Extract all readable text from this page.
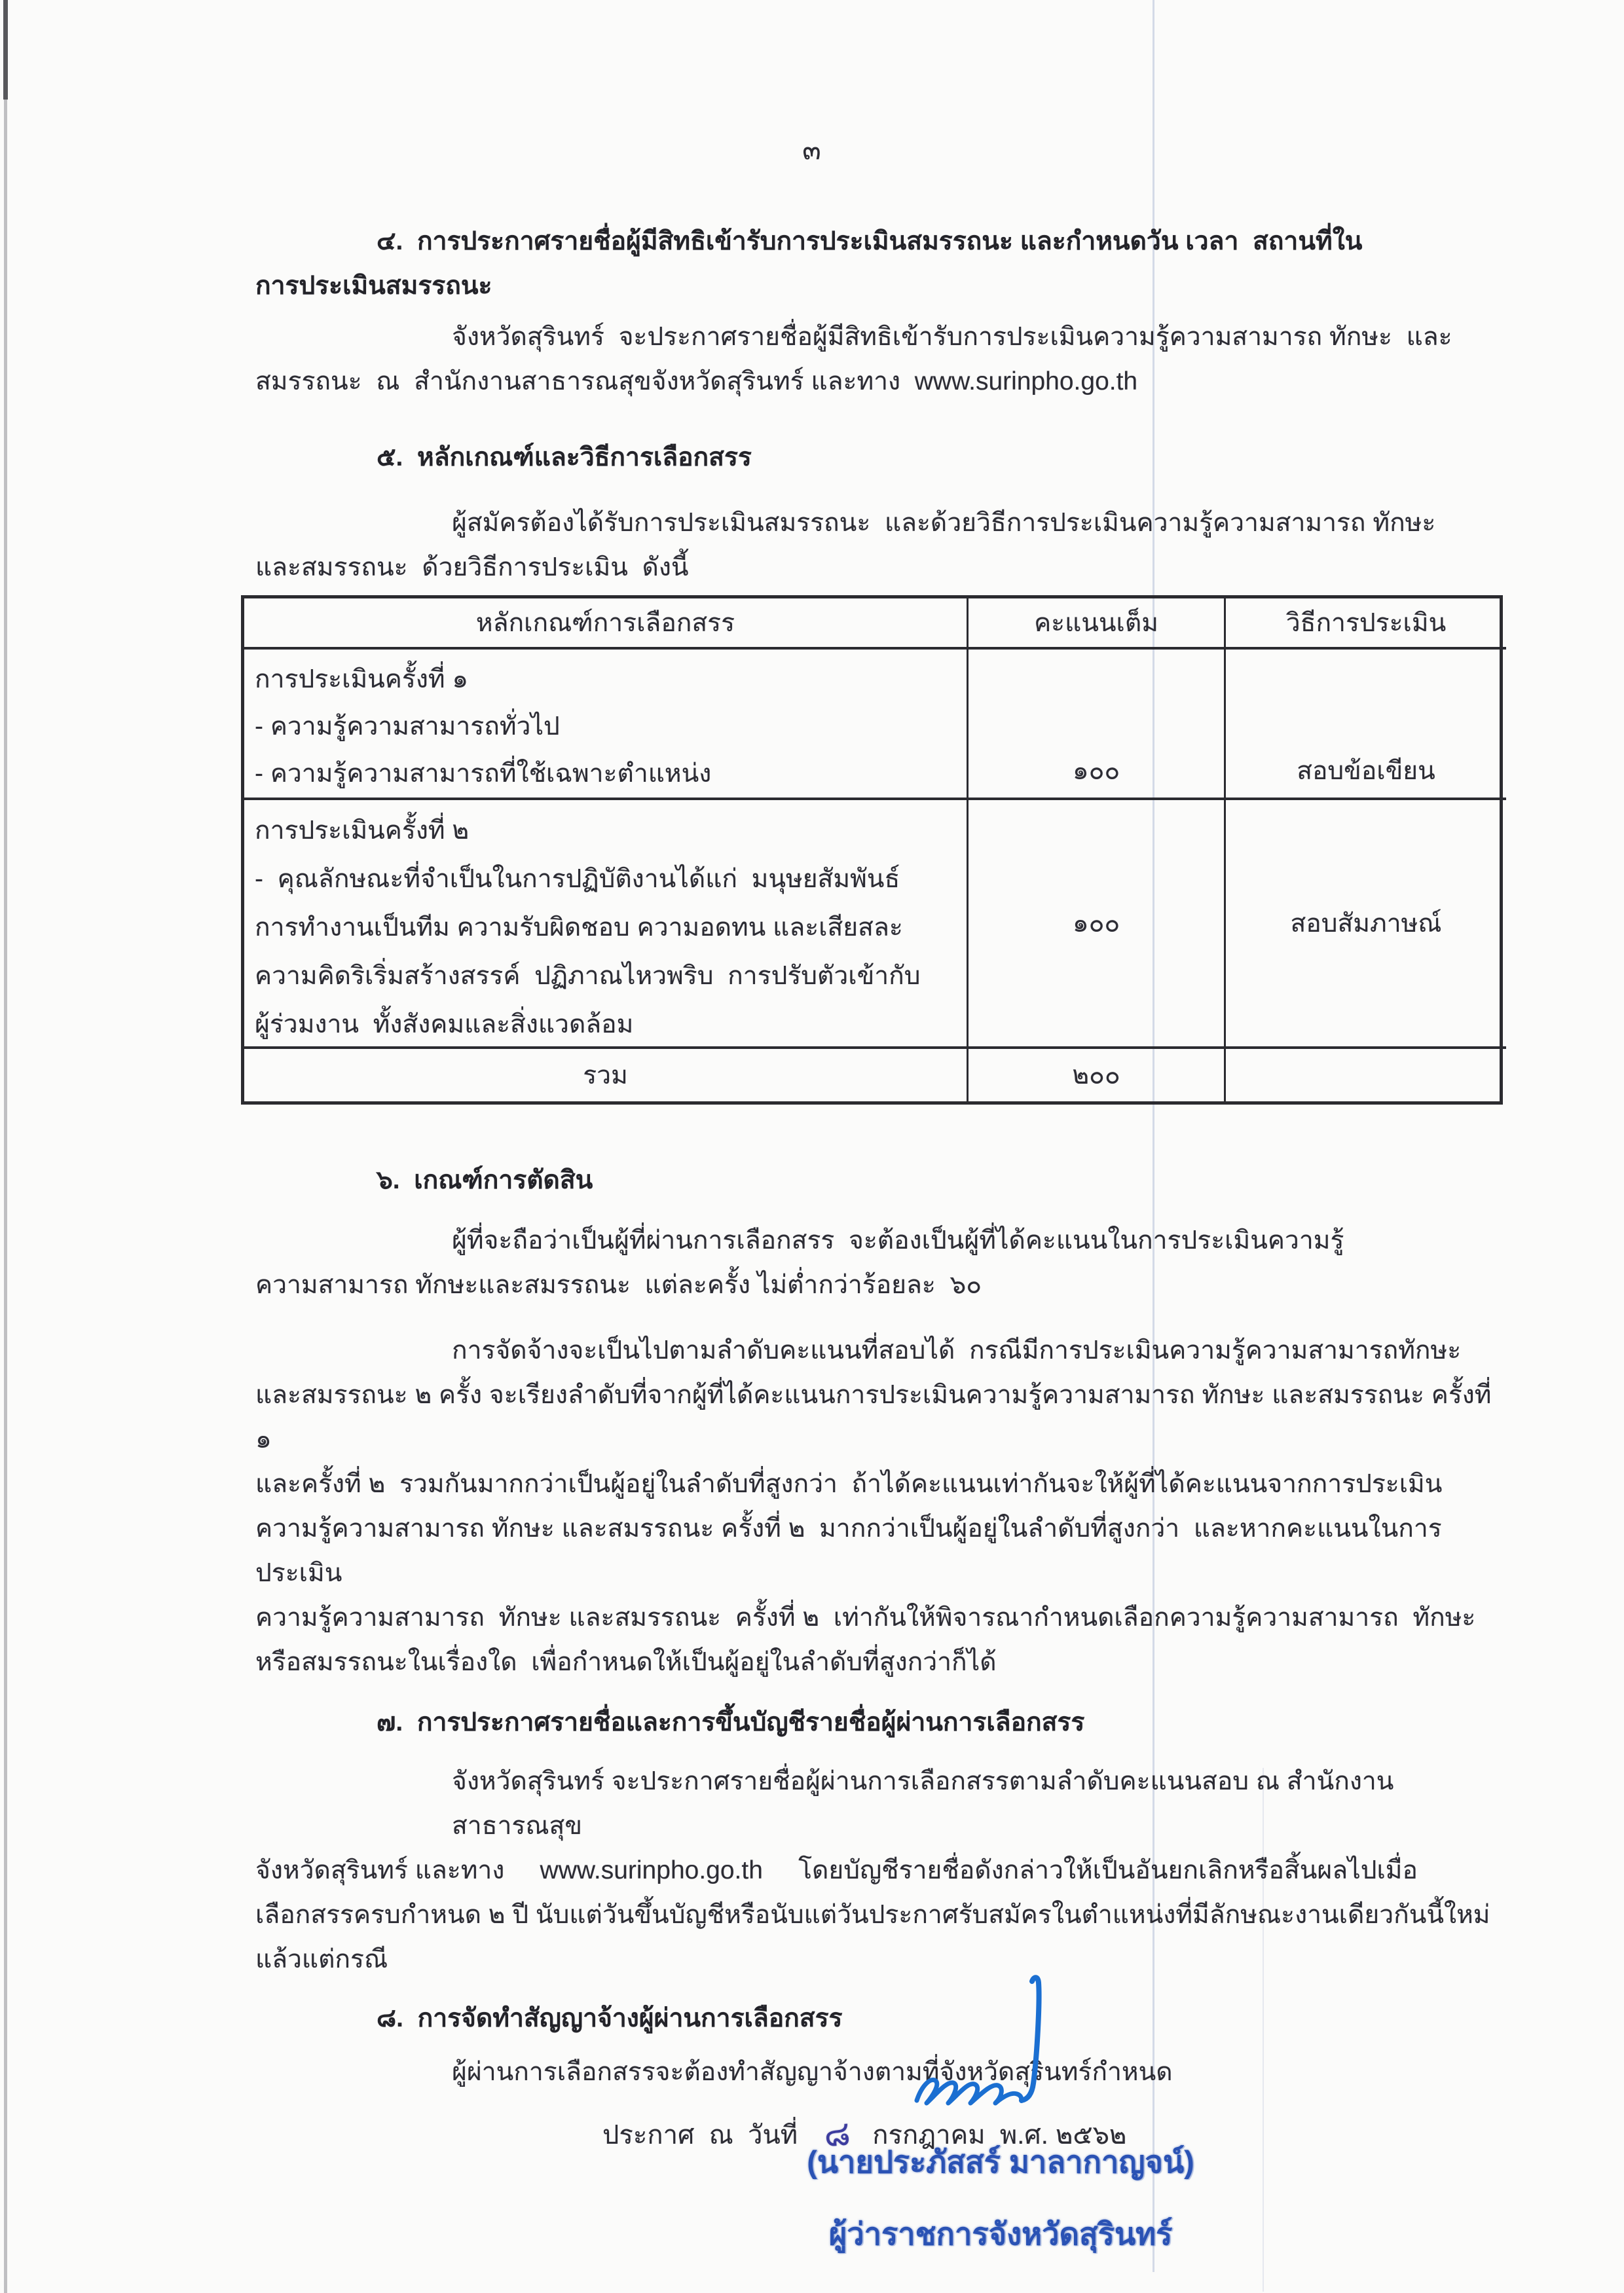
๓
๔.  การประกาศรายชื่อผู้มีสิทธิเข้ารับการประเมินสมรรถนะ และกำหนดวัน เวลา  สถานที่ใน
การประเมินสมรรถนะ
จังหวัดสุรินทร์  จะประกาศรายชื่อผู้มีสิทธิเข้ารับการประเมินความรู้ความสามารถ ทักษะ  และ
สมรรถนะ  ณ  สำนักงานสาธารณสุขจังหวัดสุรินทร์ และทาง  www.surinpho.go.th
๕.  หลักเกณฑ์และวิธีการเลือกสรร
ผู้สมัครต้องได้รับการประเมินสมรรถนะ  และด้วยวิธีการประเมินความรู้ความสามารถ ทักษะ
และสมรรถนะ  ด้วยวิธีการประเมิน  ดังนี้
หลักเกณฑ์การเลือกสรร	คะแนนเต็ม	วิธีการประเมิน
การประเมินครั้งที่ ๑
- ความรู้ความสามารถทั่วไป
- ความรู้ความสามารถที่ใช้เฉพาะตำแหน่ง	๑๐๐	สอบข้อเขียน
การประเมินครั้งที่ ๒
-  คุณลักษณะที่จำเป็นในการปฏิบัติงานได้แก่  มนุษยสัมพันธ์
การทำงานเป็นทีม ความรับผิดชอบ ความอดทน และเสียสละ
ความคิดริเริ่มสร้างสรรค์  ปฏิภาณไหวพริบ  การปรับตัวเข้ากับ
ผู้ร่วมงาน  ทั้งสังคมและสิ่งแวดล้อม
๑๐๐	สอบสัมภาษณ์
รวม	๒๐๐
๖.  เกณฑ์การตัดสิน
ผู้ที่จะถือว่าเป็นผู้ที่ผ่านการเลือกสรร  จะต้องเป็นผู้ที่ได้คะแนนในการประเมินความรู้
ความสามารถ ทักษะและสมรรถนะ  แต่ละครั้ง ไม่ต่ำกว่าร้อยละ  ๖๐
การจัดจ้างจะเป็นไปตามลำดับคะแนนที่สอบได้  กรณีมีการประเมินความรู้ความสามารถทักษะ
และสมรรถนะ ๒ ครั้ง จะเรียงลำดับที่จากผู้ที่ได้คะแนนการประเมินความรู้ความสามารถ ทักษะ และสมรรถนะ ครั้งที่ ๑
และครั้งที่ ๒  รวมกันมากกว่าเป็นผู้อยู่ในลำดับที่สูงกว่า  ถ้าได้คะแนนเท่ากันจะให้ผู้ที่ได้คะแนนจากการประเมิน
ความรู้ความสามารถ ทักษะ และสมรรถนะ ครั้งที่ ๒  มากกว่าเป็นผู้อยู่ในลำดับที่สูงกว่า  และหากคะแนนในการประเมิน
ความรู้ความสามารถ  ทักษะ และสมรรถนะ  ครั้งที่ ๒  เท่ากันให้พิจารณากำหนดเลือกความรู้ความสามารถ  ทักษะ
หรือสมรรถนะในเรื่องใด  เพื่อกำหนดให้เป็นผู้อยู่ในลำดับที่สูงกว่าก็ได้
๗.  การประกาศรายชื่อและการขึ้นบัญชีรายชื่อผู้ผ่านการเลือกสรร
จังหวัดสุรินทร์ จะประกาศรายชื่อผู้ผ่านการเลือกสรรตามลำดับคะแนนสอบ ณ สำนักงานสาธารณสุข
จังหวัดสุรินทร์ และทาง     www.surinpho.go.th     โดยบัญชีรายชื่อดังกล่าวให้เป็นอันยกเลิกหรือสิ้นผลไปเมื่อ
เลือกสรรครบกำหนด ๒ ปี นับแต่วันขึ้นบัญชีหรือนับแต่วันประกาศรับสมัครในตำแหน่งที่มีลักษณะงานเดียวกันนี้ใหม่
แล้วแต่กรณี
๘.  การจัดทำสัญญาจ้างผู้ผ่านการเลือกสรร
ผู้ผ่านการเลือกสรรจะต้องทำสัญญาจ้างตามที่จังหวัดสุรินทร์กำหนด
ประกาศ  ณ  วันที่ ๘ กรกฎาคม  พ.ศ. ๒๕๖๒
(นายประภัสสร์ มาลากาญจน์)
ผู้ว่าราชการจังหวัดสุรินทร์
